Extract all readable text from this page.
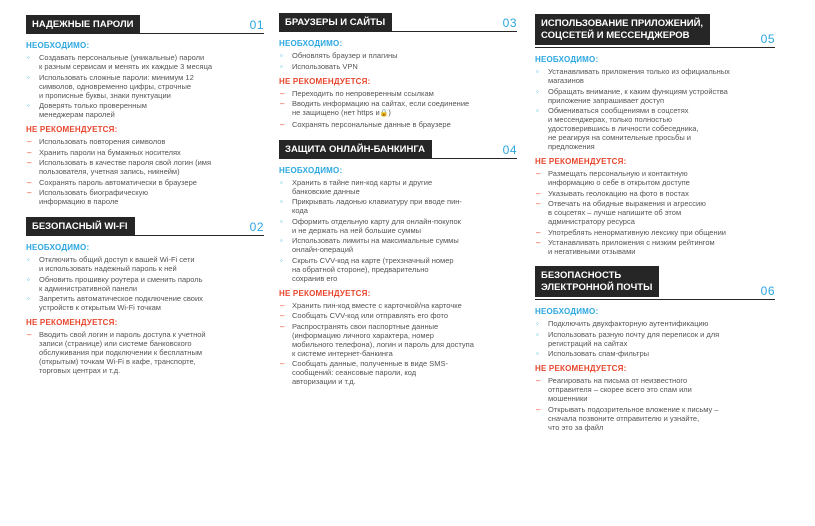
НАДЕЖНЫЕ ПАРОЛИ	01
НЕОБХОДИМО:
◦ Создавать персональные (уникальные) пароли
к разным сервисам и менять их каждые 3 месяца
◦ Использовать сложные пароли: минимум 12
символов, одновременно цифры, строчные
и прописные буквы, знаки пунктуации
◦ Доверять только проверенным
менеджерам паролей
НЕ РЕКОМЕНДУЕТСЯ:
– Использовать повторения символов
– Хранить пароли на бумажных носителях
– Использовать в качестве пароля свой логин (имя
пользователя, учетная запись, никнейм)
– Сохранять пароль автоматически в браузере
– Использовать биографическую
информацию в пароле
БЕЗОПАСНЫЙ WI-FI	02
НЕОБХОДИМО:
◦ Отключить общий доступ к вашей Wi-Fi сети
и использовать надежный пароль к ней
◦ Обновить прошивку роутера и сменить пароль
к административной панели
◦ Запретить автоматическое подключение своих
устройств к открытым Wi-Fi точкам
НЕ РЕКОМЕНДУЕТСЯ:
– Вводить свой логин и пароль доступа к учетной
записи (странице) или системе банковского
обслуживания при подключении к бесплатным
(открытым) точкам Wi-Fi в кафе, транспорте,
торговых центрах и т.д.
БРАУЗЕРЫ И САЙТЫ	03
НЕОБХОДИМО:
◦ Обновлять браузер и плагины
◦ Использовать VPN
НЕ РЕКОМЕНДУЕТСЯ:
– Переходить по непроверенным ссылкам
– Вводить информацию на сайтах, если соединение
не защищено (нет https и🔒)
– Сохранять персональные данные в браузере
ЗАЩИТА ОНЛАЙН-БАНКИНГА	04
НЕОБХОДИМО:
◦ Хранить в тайне пин-код карты и другие
банковские данные
◦ Прикрывать ладонью клавиатуру при вводе пин-
кода
◦ Оформить отдельную карту для онлайн-покупок
и не держать на ней большие суммы
◦ Использовать лимиты на максимальные суммы
онлайн-операций
◦ Скрыть CVV-код на карте (трехзначный номер
на обратной стороне), предварительно
сохранив его
НЕ РЕКОМЕНДУЕТСЯ:
– Хранить пин-код вместе с карточкой/на карточке
– Сообщать CVV-код или отправлять его фото
– Распространять свои паспортные данные
(информацию личного характера, номер
мобильного телефона), логин и пароль для доступа
к системе интернет-банкинга
– Сообщать данные, полученные в виде SMS-
сообщений: сеансовые пароли, код
авторизации и т.д.
ИСПОЛЬЗОВАНИЕ ПРИЛОЖЕНИЙ,
СОЦСЕТЕЙ И МЕССЕНДЖЕРОВ	05
НЕОБХОДИМО:
◦ Устанавливать приложения только из официальных
магазинов
◦ Обращать внимание, к каким функциям устройства
приложение запрашивает доступ
◦ Обмениваться сообщениями в соцсетях
и мессенджерах, только полностью
удостоверившись в личности собеседника,
не реагируя на сомнительные просьбы и
предложения
НЕ РЕКОМЕНДУЕТСЯ:
– Размещать персональную и контактную
информацию о себе в открытом доступе
– Указывать геолокацию на фото в постах
– Отвечать на обидные выражения и агрессию
в соцсетях – лучше напишите об этом
администратору ресурса
– Употреблять ненормативную лексику при общении
– Устанавливать приложения с низким рейтингом
и негативными отзывами
БЕЗОПАСНОСТЬ
ЭЛЕКТРОННОЙ ПОЧТЫ	06
НЕОБХОДИМО:
◦ Подключить двухфакторную аутентификацию
◦ Использовать разную почту для переписок и для
регистраций на сайтах
◦ Использовать спам-фильтры
НЕ РЕКОМЕНДУЕТСЯ:
– Реагировать на письма от неизвестного
отправителя – скорее всего это спам или
мошенники
– Открывать подозрительное вложение к письму –
сначала позвоните отправителю и узнайте,
что это за файл
